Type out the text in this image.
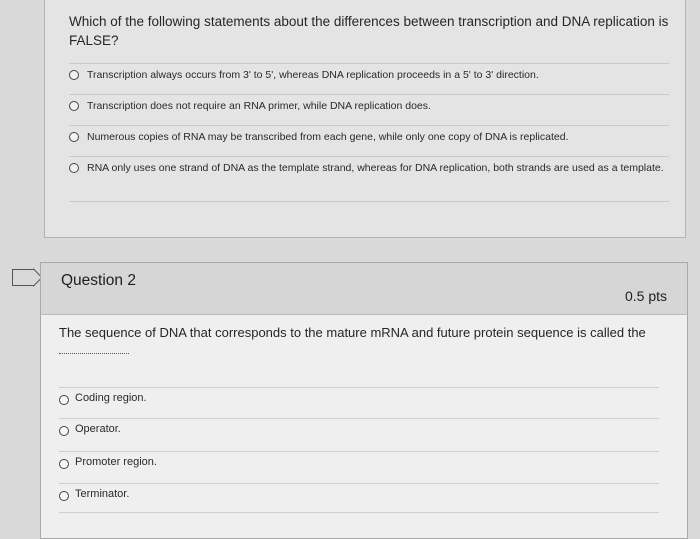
Which of the following statements about the differences between transcription and DNA replication is FALSE?
Transcription always occurs from 3' to 5', whereas DNA replication proceeds in a 5' to 3' direction.
Transcription does not require an RNA primer, while DNA replication does.
Numerous copies of RNA may be transcribed from each gene, while only one copy of DNA is replicated.
RNA only uses one strand of DNA as the template strand, whereas for DNA replication, both strands are used as a template.
Question 2
0.5 pts
The sequence of DNA that corresponds to the mature mRNA and future protein sequence is called the
Coding region.
Operator.
Promoter region.
Terminator.
